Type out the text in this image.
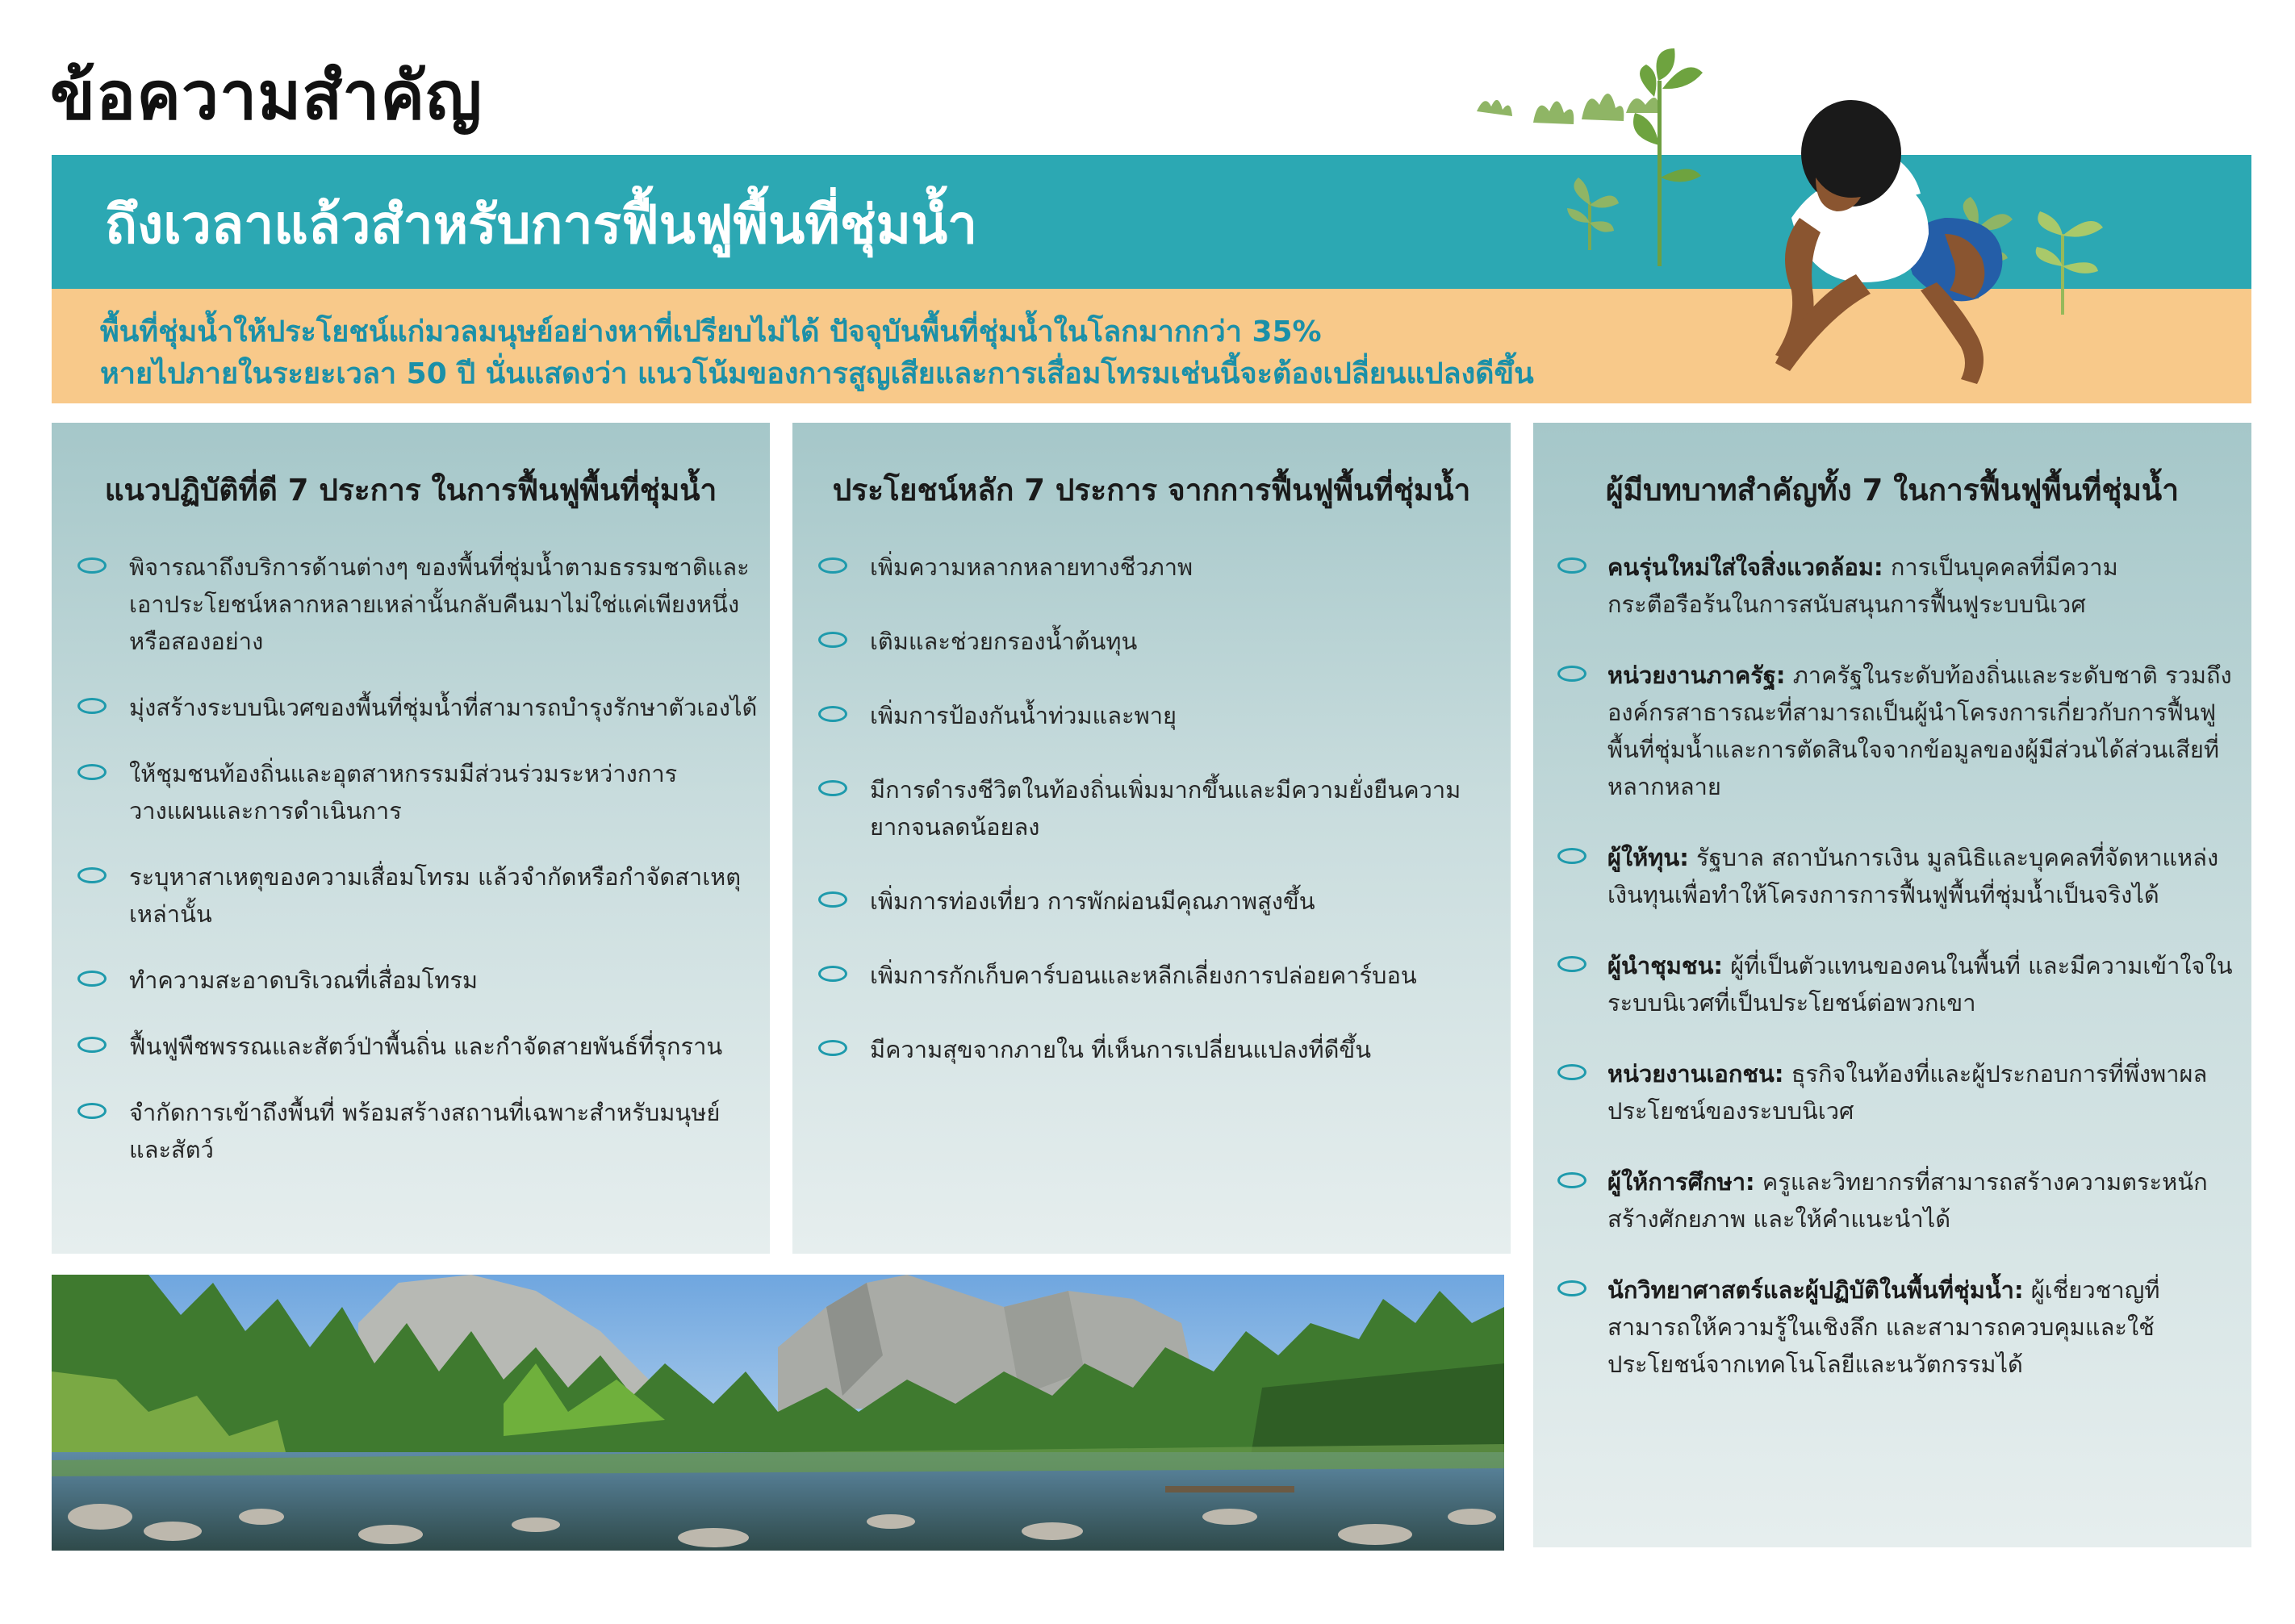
ข้อความสำคัญ
ถึงเวลาแล้วสำหรับการฟื้นฟูพื้นที่ชุ่มน้ำ

พื้นที่ชุ่มน้ำให้ประโยชน์แก่มวลมนุษย์อย่างหาที่เปรียบไม่ได้ ปัจจุบันพื้นที่ชุ่มน้ำในโลกมากกว่า 35%

หายไปภายในระยะเวลา 50 ปี นั่นแสดงว่า แนวโน้มของการสูญเสียและการเสื่อมโทรมเช่นนี้จะต้องเปลี่ยนแปลงดีขึ้น

แนวปฏิบัติที่ดี 7 ประการ ในการฟื้นฟูพื้นที่ชุ่มน้ำ
พิจารณาถึงบริการด้านต่างๆ ของพื้นที่ชุ่มน้ำตามธรรมชาติและเอาประโยชน์หลากหลายเหล่านั้นกลับคืนมาไม่ใช่แค่เพียงหนึ่งหรือสองอย่าง
มุ่งสร้างระบบนิเวศของพื้นที่ชุ่มน้ำที่สามารถบำรุงรักษาตัวเองได้
ให้ชุมชนท้องถิ่นและอุตสาหกรรมมีส่วนร่วมระหว่างการวางแผนและการดำเนินการ
ระบุหาสาเหตุของความเสื่อมโทรม แล้วจำกัดหรือกำจัดสาเหตุเหล่านั้น
ทำความสะอาดบริเวณที่เสื่อมโทรม
ฟื้นฟูพืชพรรณและสัตว์ป่าพื้นถิ่น และกำจัดสายพันธ์ที่รุกราน
จำกัดการเข้าถึงพื้นที่ พร้อมสร้างสถานที่เฉพาะสำหรับมนุษย์และสัตว์
ประโยชน์หลัก 7 ประการ จากการฟื้นฟูพื้นที่ชุ่มน้ำ
เพิ่มความหลากหลายทางชีวภาพ
เติมและช่วยกรองน้ำต้นทุน
เพิ่มการป้องกันน้ำท่วมและพายุ
มีการดำรงชีวิตในท้องถิ่นเพิ่มมากขึ้นและมีความยั่งยืนความยากจนลดน้อยลง
เพิ่มการท่องเที่ยว การพักผ่อนมีคุณภาพสูงขึ้น
เพิ่มการกักเก็บคาร์บอนและหลีกเลี่ยงการปล่อยคาร์บอน
มีความสุขจากภายใน ที่เห็นการเปลี่ยนแปลงที่ดีขึ้น
ผู้มีบทบาทสำคัญทั้ง 7 ในการฟื้นฟูพื้นที่ชุ่มน้ำ
คนรุ่นใหม่ใส่ใจสิ่งแวดล้อม: การเป็นบุคคลที่มีความกระตือรือร้นในการสนับสนุนการฟื้นฟูระบบนิเวศ
หน่วยงานภาครัฐ: ภาครัฐในระดับท้องถิ่นและระดับชาติ รวมถึงองค์กรสาธารณะที่สามารถเป็นผู้นำโครงการเกี่ยวกับการฟื้นฟูพื้นที่ชุ่มน้ำและการตัดสินใจจากข้อมูลของผู้มีส่วนได้ส่วนเสียที่หลากหลาย
ผู้ให้ทุน: รัฐบาล สถาบันการเงิน มูลนิธิและบุคคลที่จัดหาแหล่งเงินทุนเพื่อทำให้โครงการการฟื้นฟูพื้นที่ชุ่มน้ำเป็นจริงได้
ผู้นำชุมชน: ผู้ที่เป็นตัวแทนของคนในพื้นที่ และมีความเข้าใจในระบบนิเวศที่เป็นประโยชน์ต่อพวกเขา
หน่วยงานเอกชน: ธุรกิจในท้องที่และผู้ประกอบการที่พึ่งพาผลประโยชน์ของระบบนิเวศ
ผู้ให้การศึกษา: ครูและวิทยากรที่สามารถสร้างความตระหนักสร้างศักยภาพ และให้คำแนะนำได้
นักวิทยาศาสตร์และผู้ปฏิบัติในพื้นที่ชุ่มน้ำ: ผู้เชี่ยวชาญที่สามารถให้ความรู้ในเชิงลึก และสามารถควบคุมและใช้ประโยชน์จากเทคโนโลยีและนวัตกรรมได้
